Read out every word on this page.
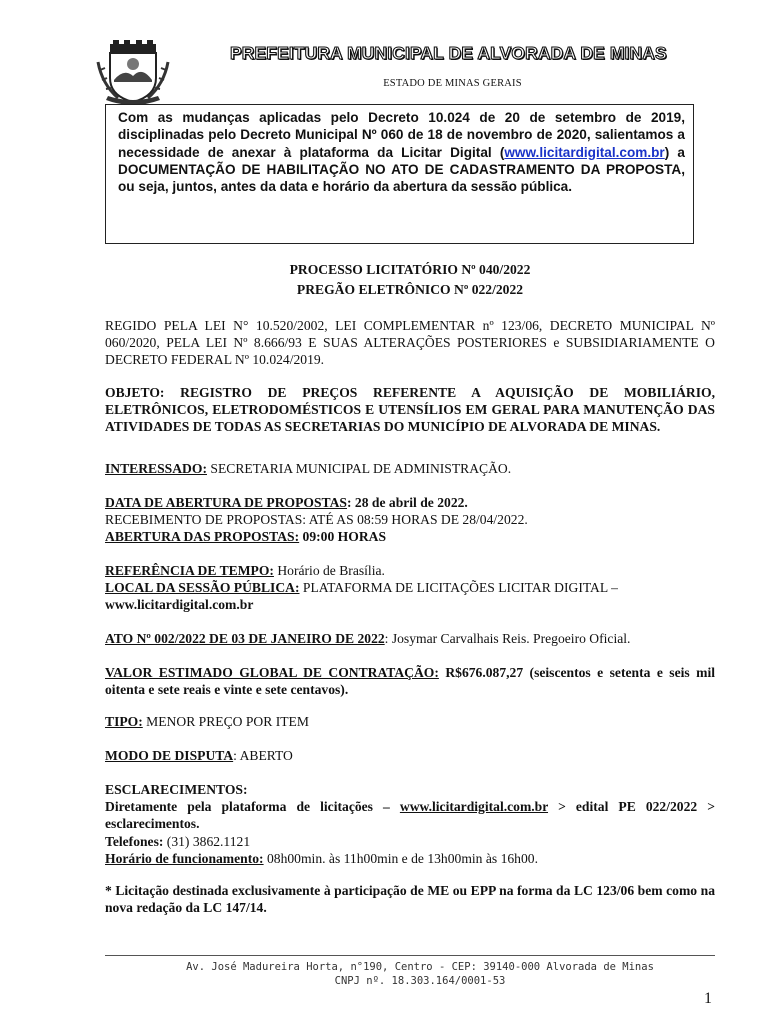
PREFEITURA MUNICIPAL DE ALVORADA DE MINAS
ESTADO DE MINAS GERAIS
Com as mudanças aplicadas pelo Decreto 10.024 de 20 de setembro de 2019, disciplinadas pelo Decreto Municipal Nº 060 de 18 de novembro de 2020, salientamos a necessidade de anexar à plataforma da Licitar Digital (www.licitardigital.com.br) a DOCUMENTAÇÃO DE HABILITAÇÃO NO ATO DE CADASTRAMENTO DA PROPOSTA, ou seja, juntos, antes da data e horário da abertura da sessão pública.
PROCESSO LICITATÓRIO Nº 040/2022
PREGÃO ELETRÔNICO Nº 022/2022
REGIDO PELA LEI N° 10.520/2002, LEI COMPLEMENTAR nº 123/06, DECRETO MUNICIPAL Nº 060/2020, PELA LEI Nº 8.666/93 E SUAS ALTERAÇÕES POSTERIORES e SUBSIDIARIAMENTE O DECRETO FEDERAL Nº 10.024/2019.
OBJETO: REGISTRO DE PREÇOS REFERENTE A AQUISIÇÃO DE MOBILIÁRIO, ELETRÔNICOS, ELETRODOMÉSTICOS E UTENSÍLIOS EM GERAL PARA MANUTENÇÃO DAS ATIVIDADES DE TODAS AS SECRETARIAS DO MUNICÍPIO DE ALVORADA DE MINAS.
INTERESSADO: SECRETARIA MUNICIPAL DE ADMINISTRAÇÃO.
DATA DE ABERTURA DE PROPOSTAS: 28 de abril de 2022.
RECEBIMENTO DE PROPOSTAS: ATÉ AS 08:59 HORAS DE 28/04/2022.
ABERTURA DAS PROPOSTAS: 09:00 HORAS
REFERÊNCIA DE TEMPO: Horário de Brasília.
LOCAL DA SESSÃO PÚBLICA: PLATAFORMA DE LICITAÇÕES LICITAR DIGITAL –
www.licitardigital.com.br
ATO Nº 002/2022 DE 03 DE JANEIRO DE 2022: Josymar Carvalhais Reis. Pregoeiro Oficial.
VALOR ESTIMADO GLOBAL DE CONTRATAÇÃO: R$676.087,27 (seiscentos e setenta e seis mil oitenta e sete reais e vinte e sete centavos).
TIPO: MENOR PREÇO POR ITEM
MODO DE DISPUTA: ABERTO
ESCLARECIMENTOS:
Diretamente pela plataforma de licitações – www.licitardigital.com.br > edital PE 022/2022 > esclarecimentos.
Telefones: (31) 3862.1121
Horário de funcionamento: 08h00min. às 11h00min e de 13h00min às 16h00.
* Licitação destinada exclusivamente à participação de ME ou EPP na forma da LC 123/06 bem como na nova redação da LC 147/14.
Av. José Madureira Horta, n°190, Centro - CEP: 39140-000 Alvorada de Minas
CNPJ nº. 18.303.164/0001-53
1
